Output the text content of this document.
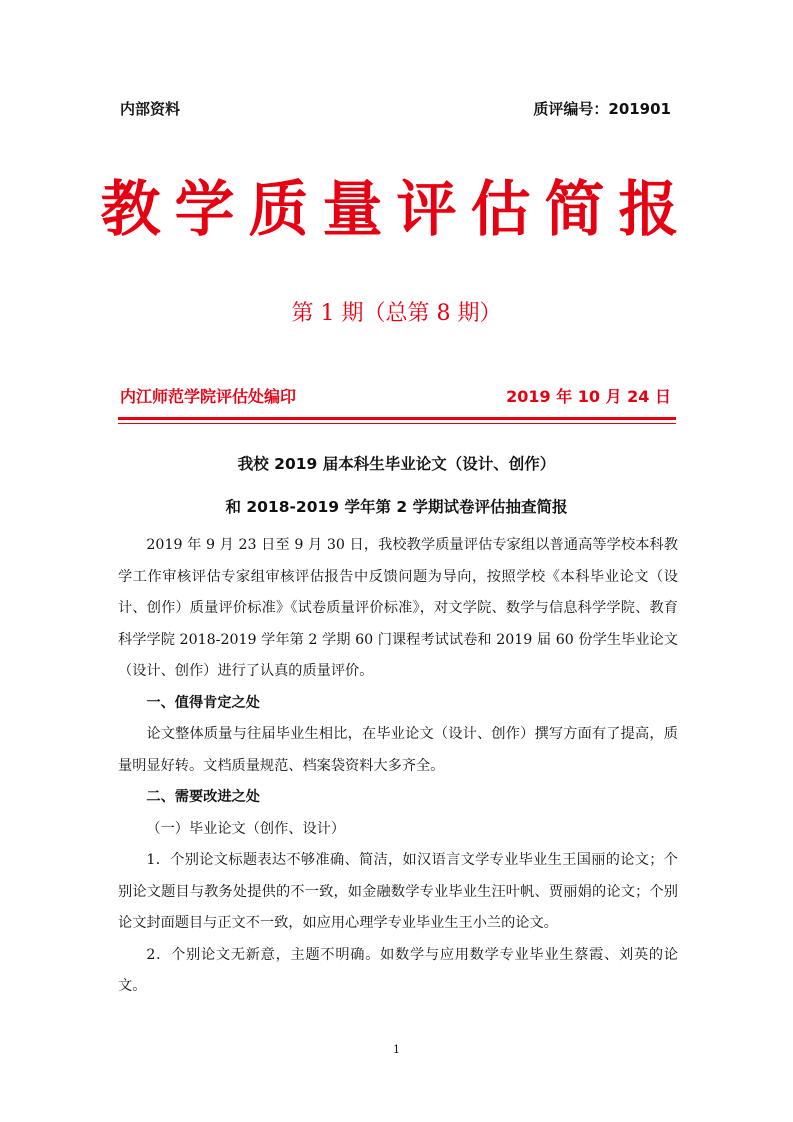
内部资料	质评编号：201901
教学质量评估简报
第 1 期（总第 8 期）
内江师范学院评估处编印	2019 年 10 月 24 日
我校 2019 届本科生毕业论文（设计、创作）
和 2018-2019 学年第 2 学期试卷评估抽查简报

2019 年 9 月 23 日至 9 月 30 日，我校教学质量评估专家组以普通高等学校本科教学工作审核评估专家组审核评估报告中反馈问题为导向，按照学校《本科毕业论文（设计、创作）质量评价标准》《试卷质量评价标准》，对文学院、数学与信息科学学院、教育科学学院 2018-2019 学年第 2 学期 60 门课程考试试卷和 2019 届 60 份学生毕业论文（设计、创作）进行了认真的质量评价。

一、值得肯定之处

论文整体质量与往届毕业生相比，在毕业论文（设计、创作）撰写方面有了提高，质量明显好转。文档质量规范、档案袋资料大多齐全。

二、需要改进之处

（一）毕业论文（创作、设计）

1．个别论文标题表达不够准确、简洁，如汉语言文学专业毕业生王国丽的论文；个别论文题目与教务处提供的不一致，如金融数学专业毕业生汪叶帆、贾丽娟的论文；个别论文封面题目与正文不一致，如应用心理学专业毕业生王小兰的论文。

2．个别论文无新意，主题不明确。如数学与应用数学专业毕业生蔡霞、刘英的论文。

1
